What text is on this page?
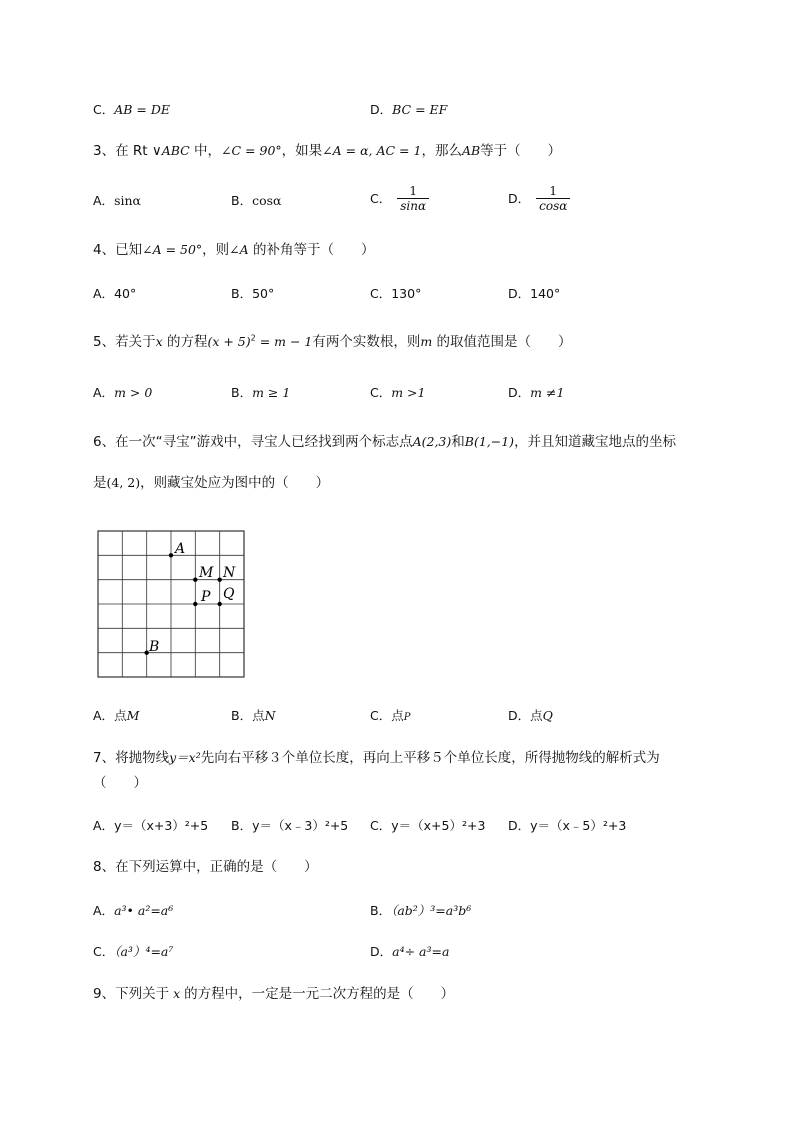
C．AB = DE	D．BC = EF
3、在 Rt ∨ABC 中，∠C = 90°，如果∠A = α, AC = 1，那么AB等于（　　）
A．sinα	B．cosα	C． $\frac{1}{\sin\alpha}$	D． $\frac{1}{\cos\alpha}$
4、已知∠A = 50°，则∠A 的补角等于（　　）
A．40°	B．50°	C．130°	D．140°
5、若关于x 的方程$(x + 5)^2 = m - 1$有两个实数根，则m 的取值范围是（　　）
A．m > 0	B．m ≥ 1	C．m >1	D．m ≠1
6、在一次“寻宝”游戏中，寻宝人已经找到两个标志点A(2,3)和B(1,−1)，并且知道藏宝地点的坐标
是(4, 2)，则藏宝处应为图中的（　　）
A
M N
P Q
B
A．点M	B．点N	C．点P	D．点Q
7、将抛物线y＝x²先向右平移３个单位长度，再向上平移５个单位长度，所得抛物线的解析式为
（　　）
A．y＝（x+3）²+5 B．y＝（x﹣3）²+5 C．y＝（x+5）²+3 D．y＝（x﹣5）²+3
8、在下列运算中，正确的是（　　）
A．a³• a²=a⁶	B．（ab²）³=a³b⁶
C．（a³）⁴=a⁷	D．a⁴÷ a³=a
9、下列关于 x 的方程中，一定是一元二次方程的是（　　）
